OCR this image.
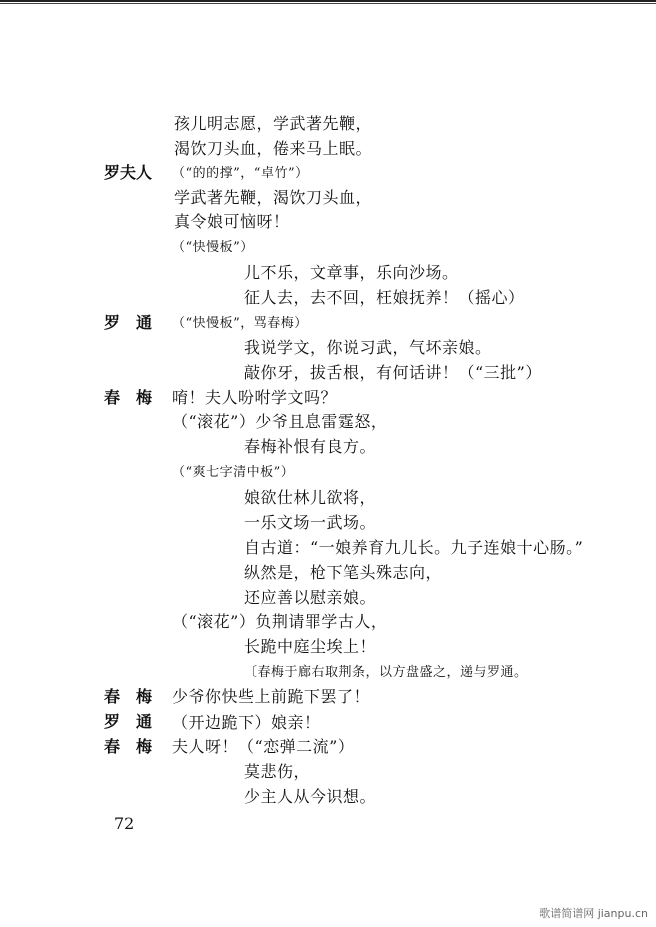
孩儿明志愿，学武著先鞭，
渴饮刀头血，倦来马上眠。
罗夫人 （“的的撑”，“卓竹”）
学武著先鞭，渴饮刀头血，
真令娘可恼呀！
（“快慢板”）
儿不乐，文章事，乐向沙场。
征人去，去不回，枉娘抚养！（摇心）
罗　通 （“快慢板”，骂春梅）
我说学文，你说习武，气坏亲娘。
敲你牙，拔舌根，有何话讲！（“三批”）
春　梅 唷！夫人吩咐学文吗？
（“滚花”）少爷且息雷霆怒，
春梅补恨有良方。
（“爽七字清中板”）
娘欲仕林儿欲将，
一乐文场一武场。
自古道：“一娘养育九儿长。九子连娘十心肠。”
纵然是，枪下笔头殊志向，
还应善以慰亲娘。
（“滚花”）负荆请罪学古人，
长跪中庭尘埃上！
〔春梅于廊右取荆条，以方盘盛之，递与罗通。
春　梅 少爷你快些上前跪下罢了！
罗　通 （开边跪下）娘亲！
春　梅 夫人呀！（“恋弹二流”）
莫悲伤，
少主人从今识想。
72
歌谱简谱网 jianpu.cn
